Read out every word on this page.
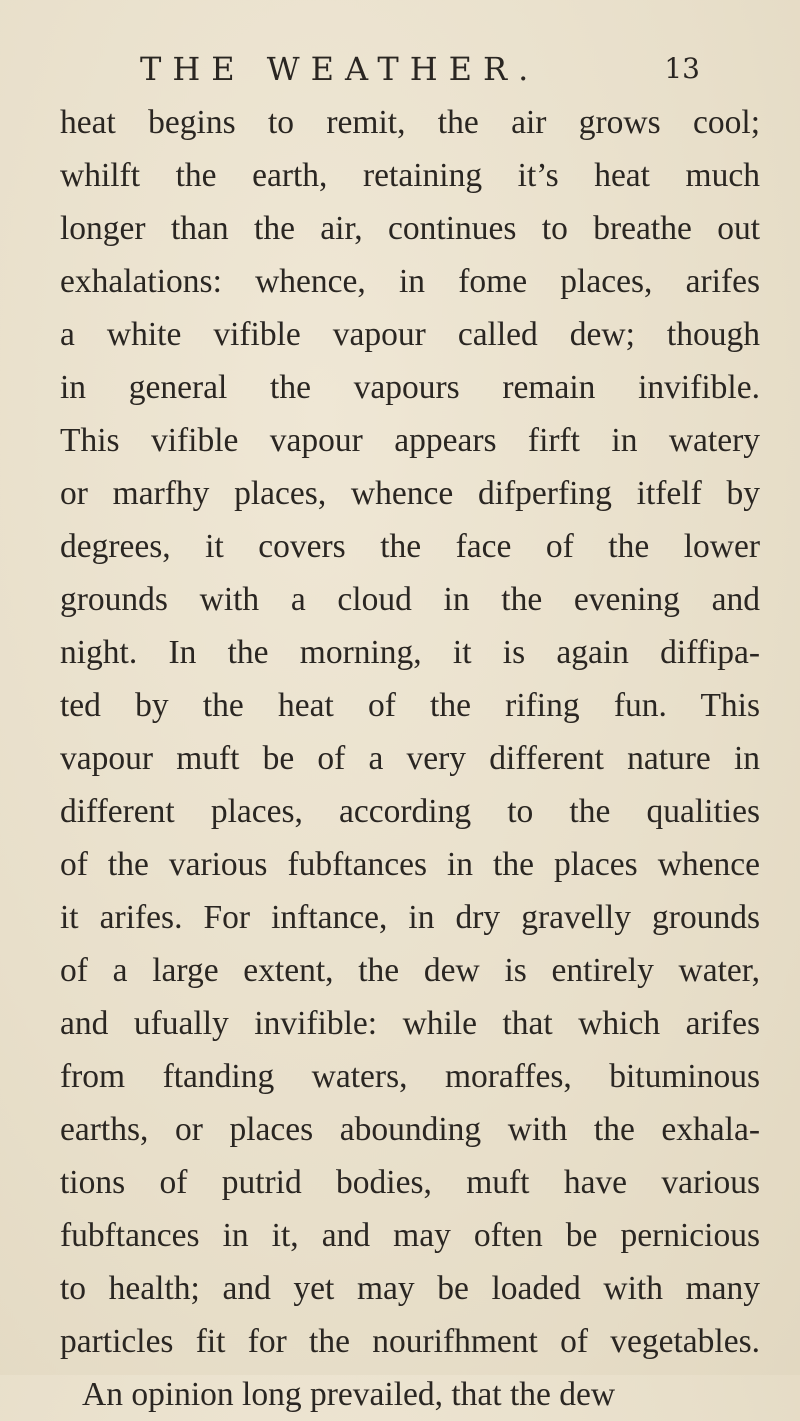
THE WEATHER.	13
heat begins to remit, the air grows cool;
whilft the earth, retaining it’s heat much
longer than the air, continues to breathe out
exhalations: whence, in fome places, arifes
a white vifible vapour called dew; though
in general the vapours remain invifible.
This vifible vapour appears firft in watery
or marfhy places, whence difperfing itfelf by
degrees, it covers the face of the lower
grounds with a cloud in the evening and
night. In the morning, it is again diffipa-
ted by the heat of the rifing fun. This
vapour muft be of a very different nature in
different places, according to the qualities
of the various fubftances in the places whence
it arifes. For inftance, in dry gravelly grounds
of a large extent, the dew is entirely water,
and ufually invifible: while that which arifes
from ftanding waters, moraffes, bituminous
earths, or places abounding with the exhala-
tions of putrid bodies, muft have various
fubftances in it, and may often be pernicious
to health; and yet may be loaded with many
particles fit for the nourifhment of vegetables.
An opinion long prevailed, that the dew
